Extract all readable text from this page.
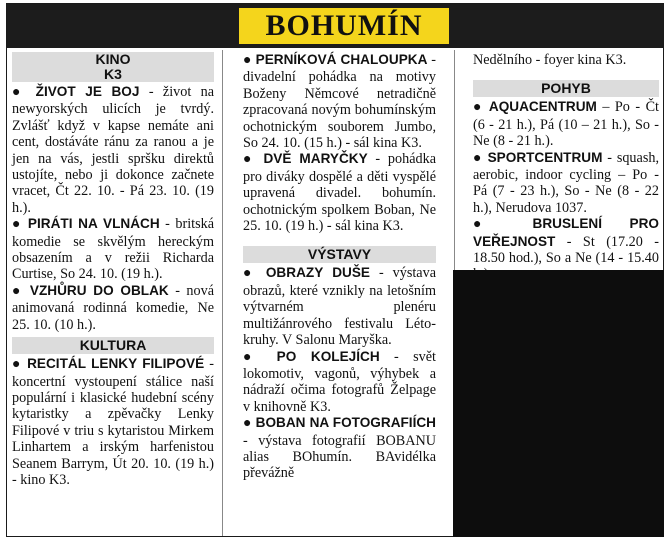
BOHUMÍN
KINO
K3

● ŽIVOT JE BOJ - život na newyorských ulicích je tvrdý. Zvlášť když v kapse nemáte ani cent, dostáváte ránu za ranou a je jen na vás, jestli spršku direktů ustojíte, nebo ji dokonce začnete vracet, Čt 22. 10. - Pá 23. 10. (19 h.).

● PIRÁTI NA VLNÁCH - britská komedie se skvělým hereckým obsazením a v režii Richarda Curtise, So 24. 10. (19 h.).

● VZHŮRU DO OBLAK - nová animovaná rodinná komedie, Ne 25. 10. (10 h.).

KULTURA

● RECITÁL LENKY FILIPOVÉ - koncertní vystoupení stálice naší populární i klasické hudební scény kytaristky a zpěvačky Lenky Filipové v triu s kytaristou Mirkem Linhartem a irským harfenistou Seanem Barrym, Út 20. 10. (19 h.) - kino K3.

● PERNÍKOVÁ CHALOUPKA - divadelní pohádka na motivy Boženy Němcové netradičně zpracovaná novým bohumínským ochotnickým souborem Jumbo, So 24. 10. (15 h.) - sál kina K3.

● DVĚ MARYČKY - pohádka pro diváky dospělé a děti vyspělé upravená divadel. bohumín. ochotnickým spolkem Boban, Ne 25. 10. (19 h.) - sál kina K3.

VÝSTAVY

● OBRAZY DUŠE - výstava obrazů, které vznikly na letošním výtvarném plenéru multižánrového festivalu Léto-kruhy. V Salonu Maryška.

● PO KOLEJÍCH - svět lokomotiv, vagonů, výhybek a nádraží očima fotografů Želpage v knihovně K3.

● BOBAN NA FOTOGRAFIÍCH - výstava fotografií BOBANU alias BOhumín. BAvidélka převážně

Nedělního - foyer kina K3.

POHYB

● AQUACENTRUM – Po - Čt (6 - 21 h.), Pá (10 – 21 h.), So - Ne (8 - 21 h.).

● SPORTCENTRUM - squash, aerobic, indoor cycling – Po - Pá (7 - 23 h.), So - Ne (8 - 22 h.), Nerudova 1037.

● BRUSLENÍ PRO VEŘEJNOST - St (17.20 - 18.50 hod.), So a Ne (14 - 15.40
